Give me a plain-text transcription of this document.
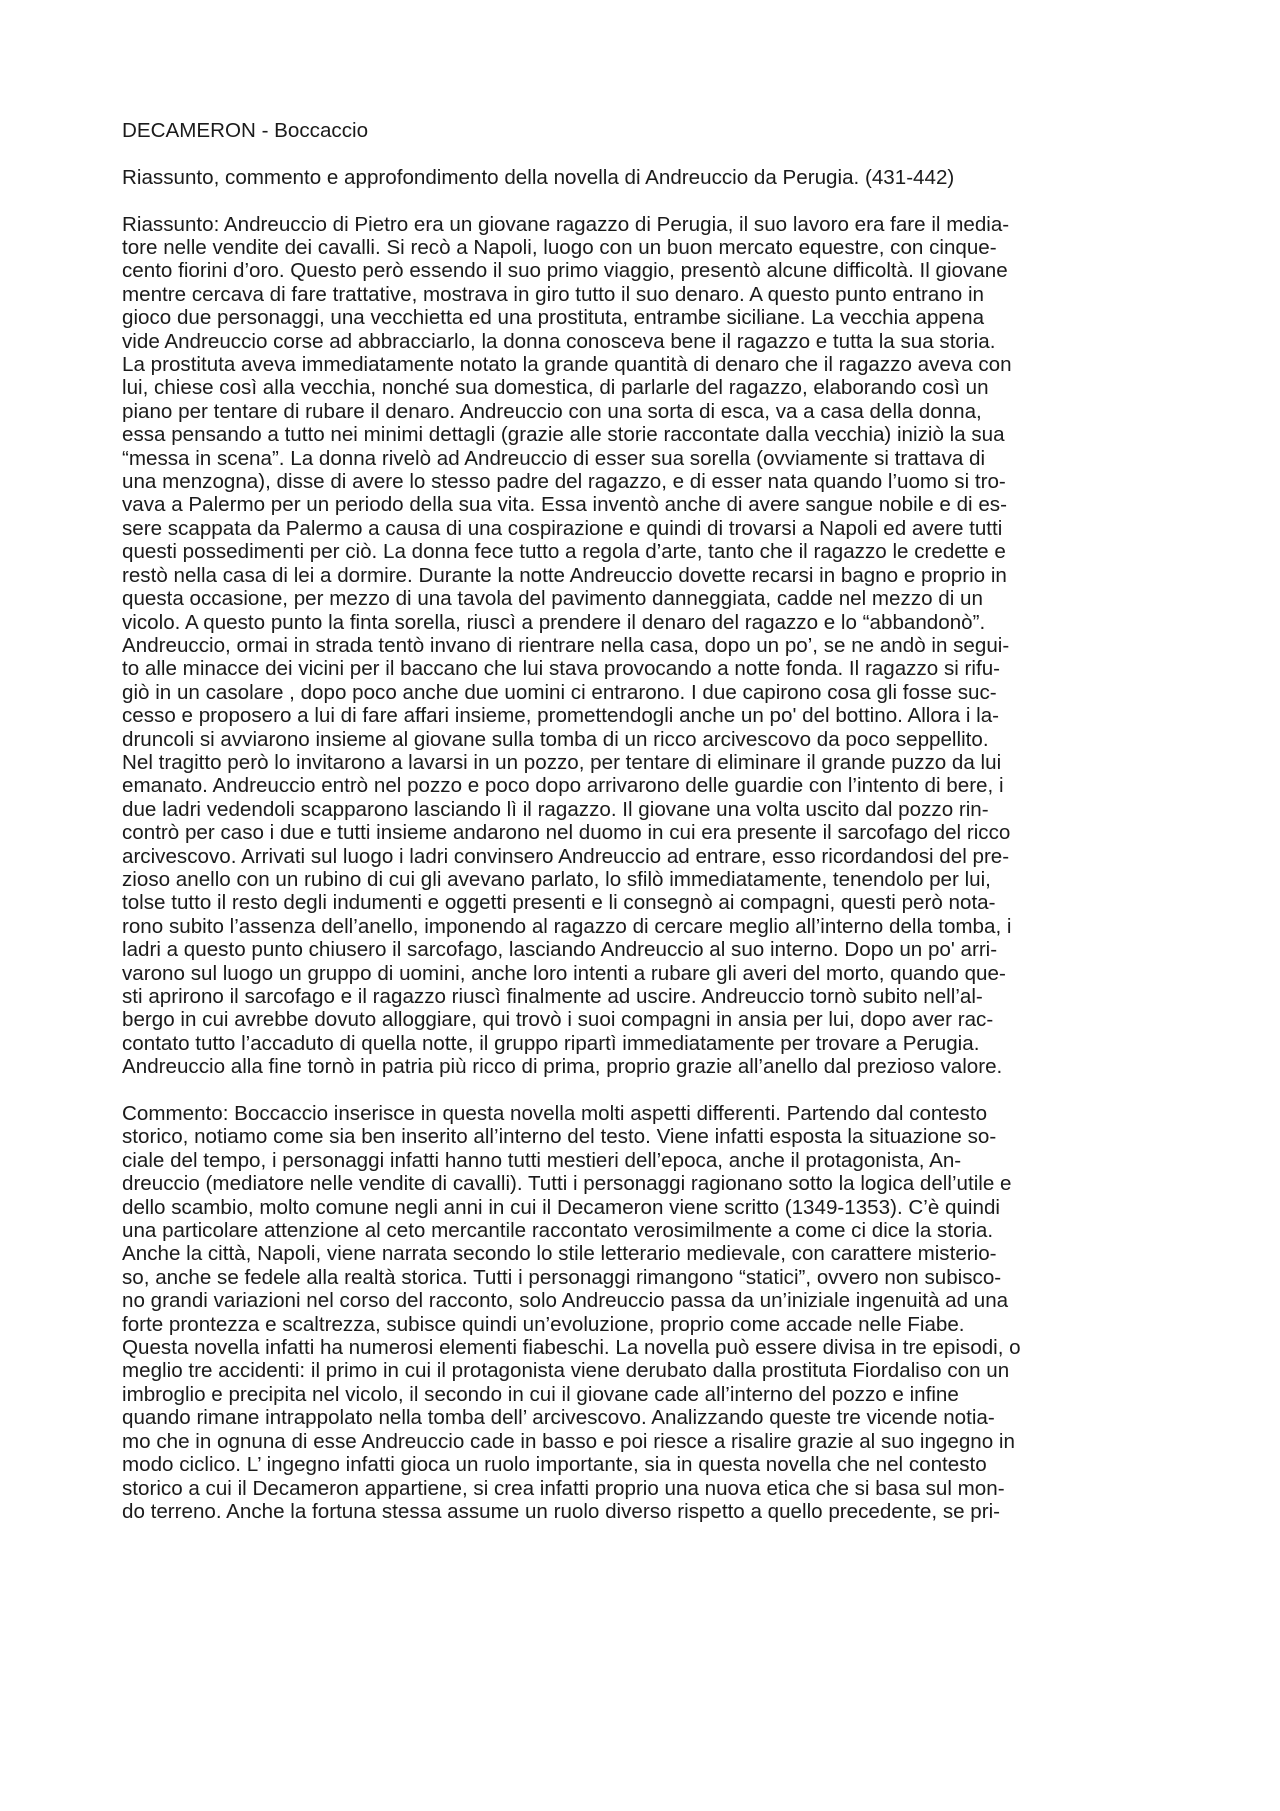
DECAMERON - Boccaccio

Riassunto, commento e approfondimento della novella di Andreuccio da Perugia. (431-442)

Riassunto: Andreuccio di Pietro era un giovane ragazzo di Perugia, il suo lavoro era fare il media-
tore nelle vendite dei cavalli. Si recò a Napoli, luogo con un buon mercato equestre, con cinque-
cento fiorini d’oro. Questo però essendo il suo primo viaggio, presentò alcune difficoltà. Il giovane
mentre cercava di fare trattative, mostrava in giro tutto il suo denaro. A questo punto entrano in
gioco due personaggi, una vecchietta ed una prostituta, entrambe siciliane. La vecchia appena
vide Andreuccio corse ad abbracciarlo, la donna conosceva bene il ragazzo e tutta la sua storia.
La prostituta aveva immediatamente notato la grande quantità di denaro che il ragazzo aveva con
lui, chiese così alla vecchia, nonché sua domestica, di parlarle del ragazzo, elaborando così un
piano per tentare di rubare il denaro. Andreuccio con una sorta di esca, va a casa della donna,
essa pensando a tutto nei minimi dettagli (grazie alle storie raccontate dalla vecchia) iniziò la sua
“messa in scena”. La donna rivelò ad Andreuccio di esser sua sorella (ovviamente si trattava di
una menzogna), disse di avere lo stesso padre del ragazzo, e di esser nata quando l’uomo si tro-
vava a Palermo per un periodo della sua vita. Essa inventò anche di avere sangue nobile e di es-
sere scappata da Palermo a causa di una cospirazione e quindi di trovarsi a Napoli ed avere tutti
questi possedimenti per ciò. La donna fece tutto a regola d’arte, tanto che il ragazzo le credette e
restò nella casa di lei a dormire. Durante la notte Andreuccio dovette recarsi in bagno e proprio in
questa occasione, per mezzo di una tavola del pavimento danneggiata, cadde nel mezzo di un
vicolo. A questo punto la finta sorella, riuscì a prendere il denaro del ragazzo e lo “abbandonò”.
Andreuccio, ormai in strada tentò invano di rientrare nella casa, dopo un po’, se ne andò in segui-
to alle minacce dei vicini per il baccano che lui stava provocando a notte fonda. Il ragazzo si rifu-
giò in un casolare , dopo poco anche due uomini ci entrarono. I due capirono cosa gli fosse suc-
cesso e proposero a lui di fare affari insieme, promettendogli anche un po' del bottino. Allora i la-
druncoli si avviarono insieme al giovane sulla tomba di un ricco arcivescovo da poco seppellito.
Nel tragitto però lo invitarono a lavarsi in un pozzo, per tentare di eliminare il grande puzzo da lui
emanato. Andreuccio entrò nel pozzo e poco dopo arrivarono delle guardie con l’intento di bere, i
due ladri vedendoli scapparono lasciando lì il ragazzo. Il giovane una volta uscito dal pozzo rin-
contrò per caso i due e tutti insieme andarono nel duomo in cui era presente il sarcofago del ricco
arcivescovo. Arrivati sul luogo i ladri convinsero Andreuccio ad entrare, esso ricordandosi del pre-
zioso anello con un rubino di cui gli avevano parlato, lo sfilò immediatamente, tenendolo per lui,
tolse tutto il resto degli indumenti e oggetti presenti e li consegnò ai compagni, questi però nota-
rono subito l’assenza dell’anello, imponendo al ragazzo di cercare meglio all’interno della tomba, i
ladri a questo punto chiusero il sarcofago, lasciando Andreuccio al suo interno. Dopo un po' arri-
varono sul luogo un gruppo di uomini, anche loro intenti a rubare gli averi del morto, quando que-
sti aprirono il sarcofago e il ragazzo riuscì finalmente ad uscire. Andreuccio tornò subito nell’al-
bergo in cui avrebbe dovuto alloggiare, qui trovò i suoi compagni in ansia per lui, dopo aver rac-
contato tutto l’accaduto di quella notte, il gruppo ripartì immediatamente per trovare a Perugia.
Andreuccio alla fine tornò in patria più ricco di prima, proprio grazie all’anello dal prezioso valore.

Commento: Boccaccio inserisce in questa novella molti aspetti differenti. Partendo dal contesto
storico, notiamo come sia ben inserito all’interno del testo. Viene infatti esposta la situazione so-
ciale del tempo, i personaggi infatti hanno tutti mestieri dell’epoca, anche il protagonista, An-
dreuccio (mediatore nelle vendite di cavalli). Tutti i personaggi ragionano sotto la logica dell’utile e
dello scambio, molto comune negli anni in cui il Decameron viene scritto (1349-1353). C’è quindi
una particolare attenzione al ceto mercantile raccontato verosimilmente a come ci dice la storia.
Anche la città, Napoli, viene narrata secondo lo stile letterario medievale, con carattere misterio-
so, anche se fedele alla realtà storica. Tutti i personaggi rimangono “statici”, ovvero non subisco-
no grandi variazioni nel corso del racconto, solo Andreuccio passa da un’iniziale ingenuità ad una
forte prontezza e scaltrezza, subisce quindi un’evoluzione, proprio come accade nelle Fiabe.
Questa novella infatti ha numerosi elementi fiabeschi. La novella può essere divisa in tre episodi, o
meglio tre accidenti: il primo in cui il protagonista viene derubato dalla prostituta Fiordaliso con un
imbroglio e precipita nel vicolo, il secondo in cui il giovane cade all’interno del pozzo e infine
quando rimane intrappolato nella tomba dell’ arcivescovo. Analizzando queste tre vicende notia-
mo che in ognuna di esse Andreuccio cade in basso e poi riesce a risalire grazie al suo ingegno in
modo ciclico. L’ ingegno infatti gioca un ruolo importante, sia in questa novella che nel contesto
storico a cui il Decameron appartiene, si crea infatti proprio una nuova etica che si basa sul mon-
do terreno. Anche la fortuna stessa assume un ruolo diverso rispetto a quello precedente, se pri-
